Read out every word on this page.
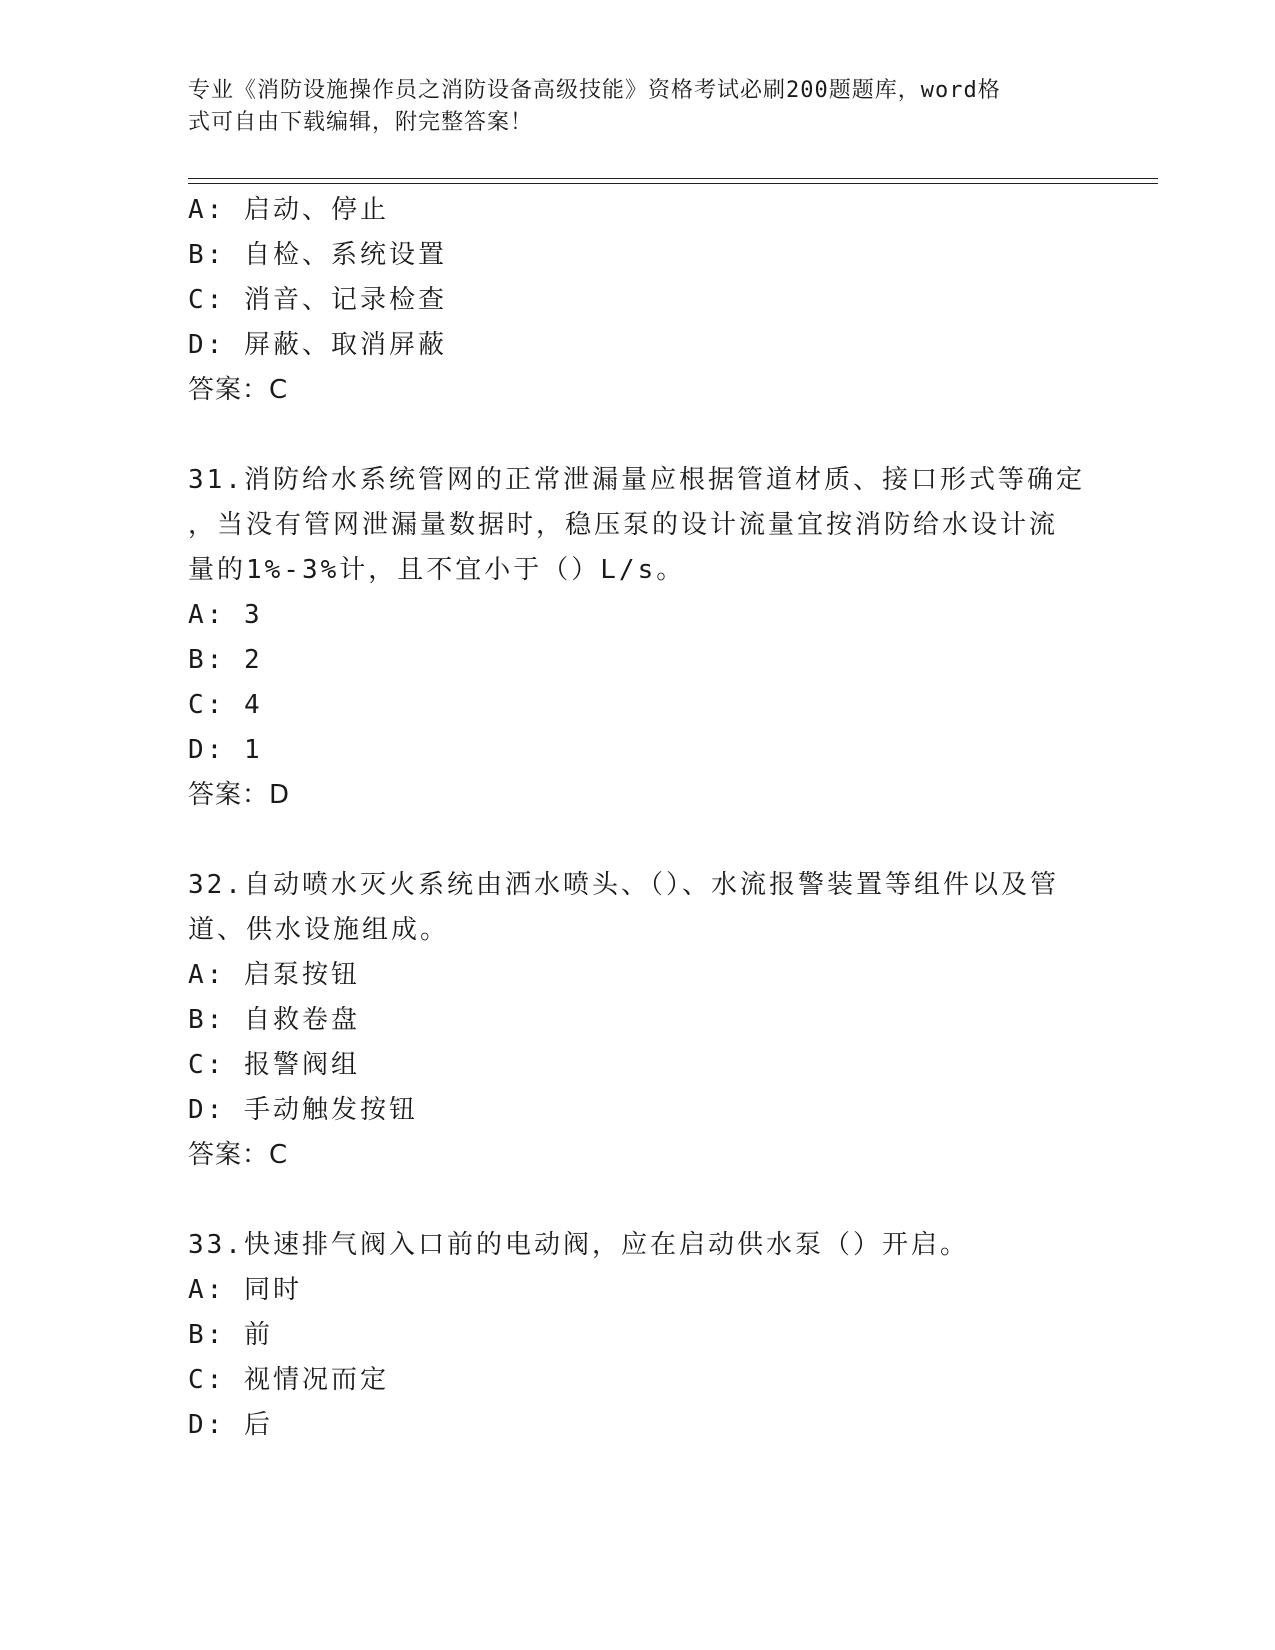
专业《消防设施操作员之消防设备高级技能》资格考试必刷200题题库，word格
式可自由下载编辑，附完整答案！
A: 启动、停止
B: 自检、系统设置
C: 消音、记录检查
D: 屏蔽、取消屏蔽
答案：C
31.消防给水系统管网的正常泄漏量应根据管道材质、接口形式等确定
，当没有管网泄漏量数据时，稳压泵的设计流量宜按消防给水设计流
量的1%-3%计，且不宜小于（）L/s。
A: 3
B: 2
C: 4
D: 1
答案：D
32.自动喷水灭火系统由洒水喷头、（）、水流报警装置等组件以及管
道、供水设施组成。
A: 启泵按钮
B: 自救卷盘
C: 报警阀组
D: 手动触发按钮
答案：C
33.快速排气阀入口前的电动阀，应在启动供水泵（）开启。
A: 同时
B: 前
C: 视情况而定
D: 后
